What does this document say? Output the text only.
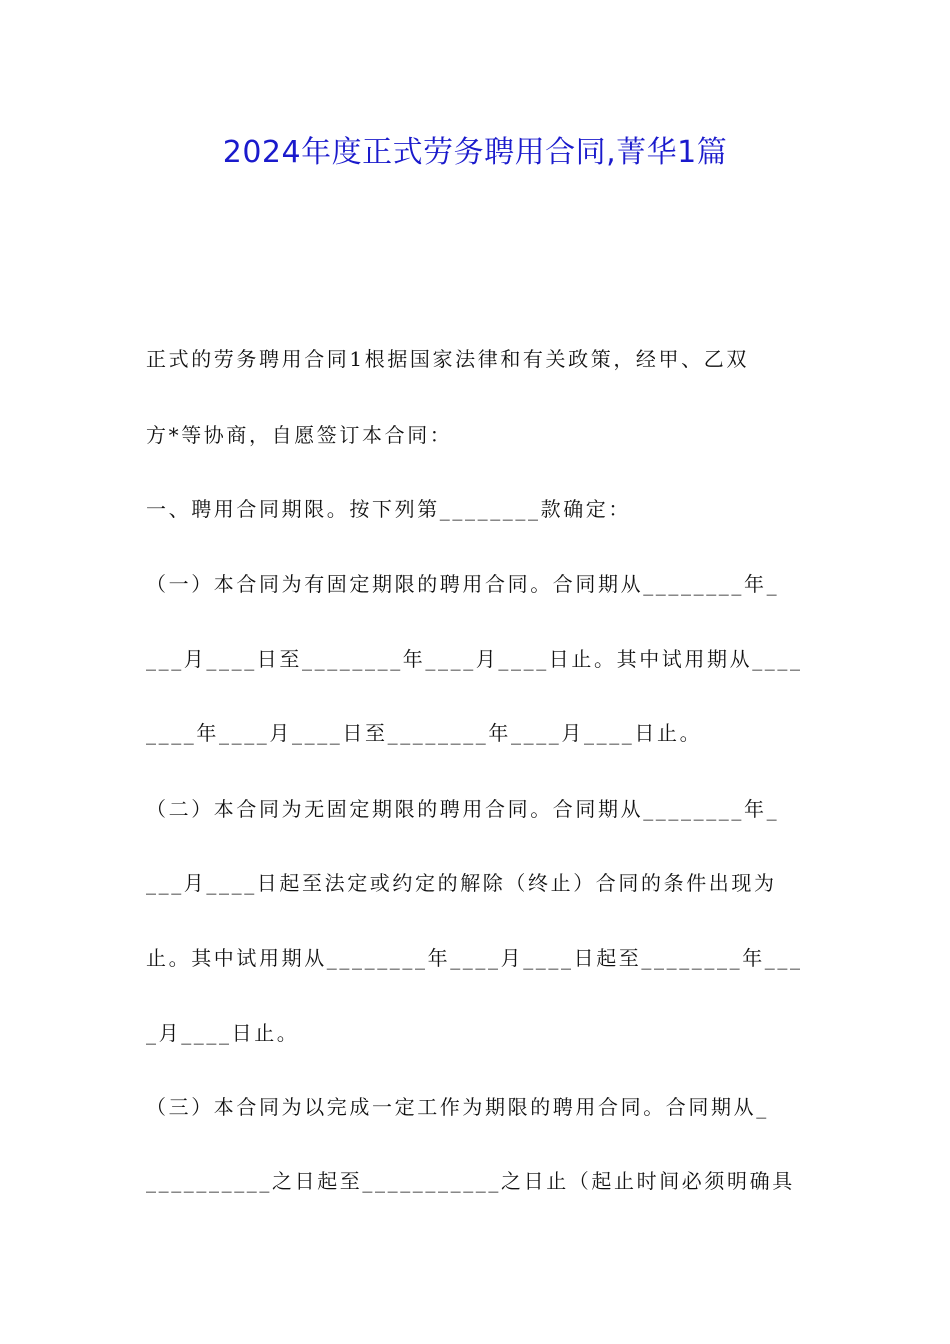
2024年度正式劳务聘用合同,菁华1篇
正式的劳务聘用合同1根据国家法律和有关政策，经甲、乙双
方*等协商，自愿签订本合同：
一、聘用合同期限。按下列第________款确定：
（一）本合同为有固定期限的聘用合同。合同期从________年_
___月____日至________年____月____日止。其中试用期从____
____年____月____日至________年____月____日止。
（二）本合同为无固定期限的聘用合同。合同期从________年_
___月____日起至法定或约定的解除（终止）合同的条件出现为
止。其中试用期从________年____月____日起至________年___
_月____日止。
（三）本合同为以完成一定工作为期限的聘用合同。合同期从_
__________之日起至___________之日止（起止时间必须明确具
